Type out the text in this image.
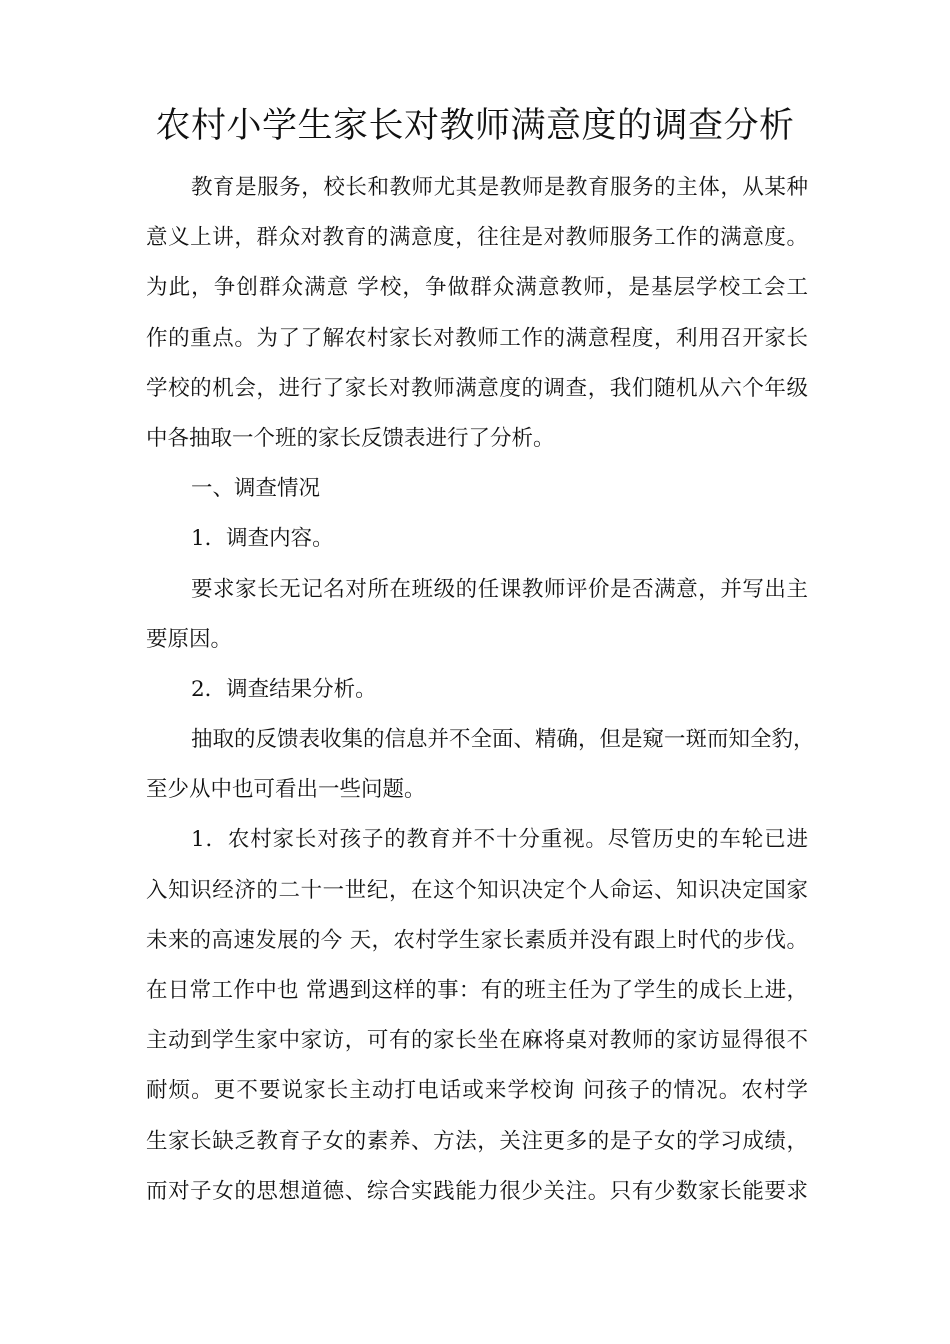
农村小学生家长对教师满意度的调查分析
教育是服务，校长和教师尤其是教师是教育服务的主体，从某种
意义上讲，群众对教育的满意度，往往是对教师服务工作的满意度。
为此，争创群众满意 学校，争做群众满意教师，是基层学校工会工
作的重点。为了了解农村家长对教师工作的满意程度，利用召开家长
学校的机会，进行了家长对教师满意度的调查，我们随机从六个年级
中各抽取一个班的家长反馈表进行了分析。
一、调查情况
1．调查内容。
要求家长无记名对所在班级的任课教师评价是否满意，并写出主
要原因。
2．调查结果分析。
抽取的反馈表收集的信息并不全面、精确，但是窥一斑而知全豹，
至少从中也可看出一些问题。
1．农村家长对孩子的教育并不十分重视。尽管历史的车轮已进
入知识经济的二十一世纪，在这个知识决定个人命运、知识决定国家
未来的高速发展的今 天，农村学生家长素质并没有跟上时代的步伐。
在日常工作中也 常遇到这样的事：有的班主任为了学生的成长上进，
主动到学生家中家访，可有的家长坐在麻将桌对教师的家访显得很不
耐烦。更不要说家长主动打电话或来学校询 问孩子的情况。农村学
生家长缺乏教育子女的素养、方法，关注更多的是子女的学习成绩，
而对子女的思想道德、综合实践能力很少关注。只有少数家长能要求
